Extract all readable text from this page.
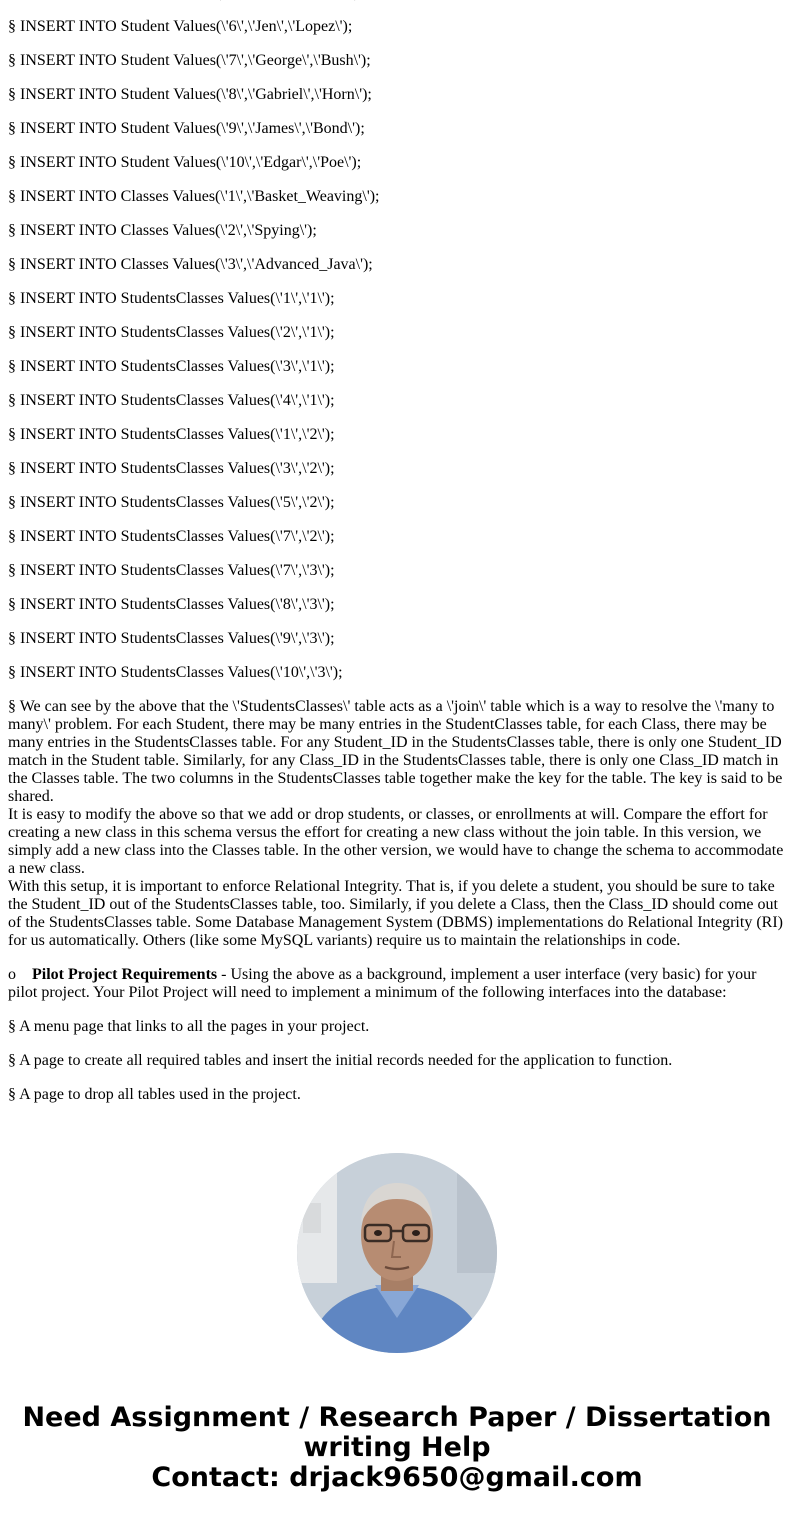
§ INSERT INTO Student Values(\'6\',\'Jen\',\'Lopez\');
§ INSERT INTO Student Values(\'7\',\'George\',\'Bush\');
§ INSERT INTO Student Values(\'8\',\'Gabriel\',\'Horn\');
§ INSERT INTO Student Values(\'9\',\'James\',\'Bond\');
§ INSERT INTO Student Values(\'10\',\'Edgar\',\'Poe\');
§ INSERT INTO Classes Values(\'1\',\'Basket_Weaving\');
§ INSERT INTO Classes Values(\'2\',\'Spying\');
§ INSERT INTO Classes Values(\'3\',\'Advanced_Java\');
§ INSERT INTO StudentsClasses Values(\'1\',\'1\');
§ INSERT INTO StudentsClasses Values(\'2\',\'1\');
§ INSERT INTO StudentsClasses Values(\'3\',\'1\');
§ INSERT INTO StudentsClasses Values(\'4\',\'1\');
§ INSERT INTO StudentsClasses Values(\'1\',\'2\');
§ INSERT INTO StudentsClasses Values(\'3\',\'2\');
§ INSERT INTO StudentsClasses Values(\'5\',\'2\');
§ INSERT INTO StudentsClasses Values(\'7\',\'2\');
§ INSERT INTO StudentsClasses Values(\'7\',\'3\');
§ INSERT INTO StudentsClasses Values(\'8\',\'3\');
§ INSERT INTO StudentsClasses Values(\'9\',\'3\');
§ INSERT INTO StudentsClasses Values(\'10\',\'3\');
§ We can see by the above that the \'StudentsClasses\' table acts as a \'join\' table which is a way to resolve the \'many to many\' problem. For each Student, there may be many entries in the StudentClasses table, for each Class, there may be many entries in the StudentsClasses table. For any Student_ID in the StudentsClasses table, there is only one Student_ID match in the Student table. Similarly, for any Class_ID in the StudentsClasses table, there is only one Class_ID match in the Classes table. The two columns in the StudentsClasses table together make the key for the table. The key is said to be shared.
It is easy to modify the above so that we add or drop students, or classes, or enrollments at will. Compare the effort for creating a new class in this schema versus the effort for creating a new class without the join table. In this version, we simply add a new class into the Classes table. In the other version, we would have to change the schema to accommodate a new class.
With this setup, it is important to enforce Relational Integrity. That is, if you delete a student, you should be sure to take the Student_ID out of the StudentsClasses table, too. Similarly, if you delete a Class, then the Class_ID should come out of the StudentsClasses table. Some Database Management System (DBMS) implementations do Relational Integrity (RI) for us automatically. Others (like some MySQL variants) require us to maintain the relationships in code.
o Pilot Project Requirements - Using the above as a background, implement a user interface (very basic) for your pilot project. Your Pilot Project will need to implement a minimum of the following interfaces into the database:
§ A menu page that links to all the pages in your project.
§ A page to create all required tables and insert the initial records needed for the application to function.
§ A page to drop all tables used in the project.
Need Assignment / Research Paper / Dissertation
writing Help
Contact: drjack9650@gmail.com
